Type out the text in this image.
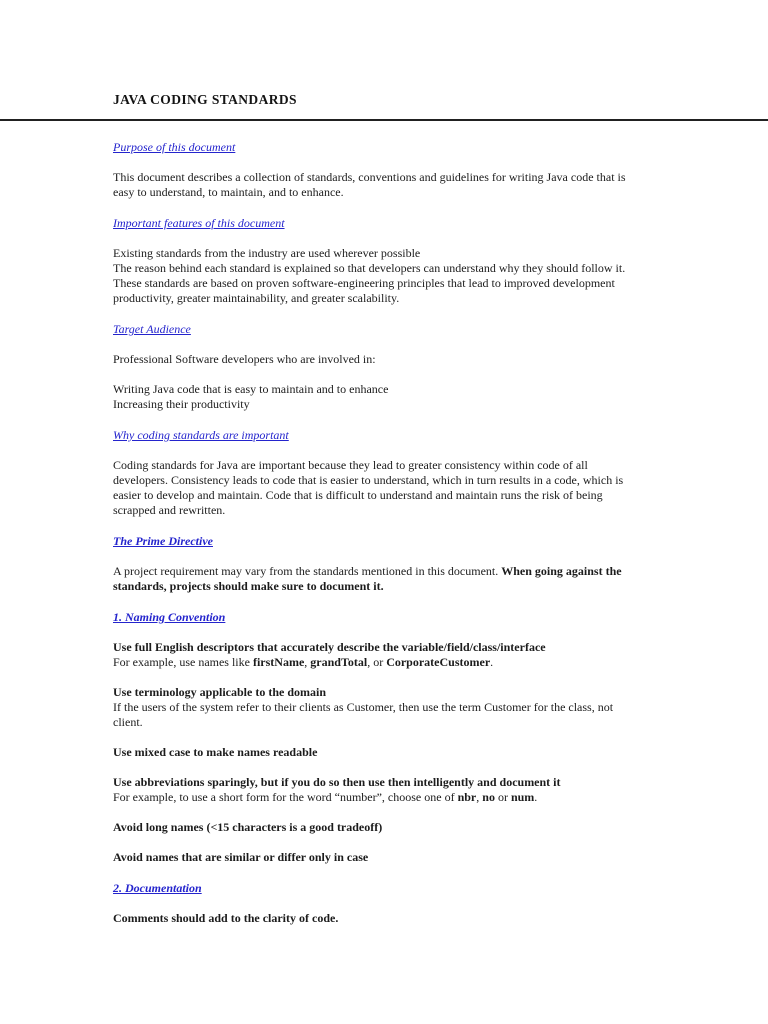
JAVA CODING STANDARDS
Purpose of this document
This document describes a collection of standards, conventions and guidelines for writing Java code that is
easy to understand, to maintain, and to enhance.
Important features of this document
Existing standards from the industry are used wherever possible
The reason behind each standard is explained so that developers can understand why they should follow it.
These standards are based on proven software-engineering principles that lead to improved development
productivity, greater maintainability, and greater scalability.
Target Audience
Professional Software developers who are involved in:
Writing Java code that is easy to maintain and to enhance
Increasing their productivity
Why coding standards are important
Coding standards for Java are important because they lead to greater consistency within code of all
developers. Consistency leads to code that is easier to understand, which in turn results in a code, which is
easier to develop and maintain. Code that is difficult to understand and maintain runs the risk of being
scrapped and rewritten.
The Prime Directive
A project requirement may vary from the standards mentioned in this document. When going against the
standards, projects should make sure to document it.
1. Naming Convention
Use full English descriptors that accurately describe the variable/field/class/interface
For example, use names like firstName, grandTotal, or CorporateCustomer.
Use terminology applicable to the domain
If the users of the system refer to their clients as Customer, then use the term Customer for the class, not
client.
Use mixed case to make names readable
Use abbreviations sparingly, but if you do so then use then intelligently and document it
For example, to use a short form for the word “number”, choose one of nbr, no or num.
Avoid long names (<15 characters is a good tradeoff)
Avoid names that are similar or differ only in case
2. Documentation
Comments should add to the clarity of code.
